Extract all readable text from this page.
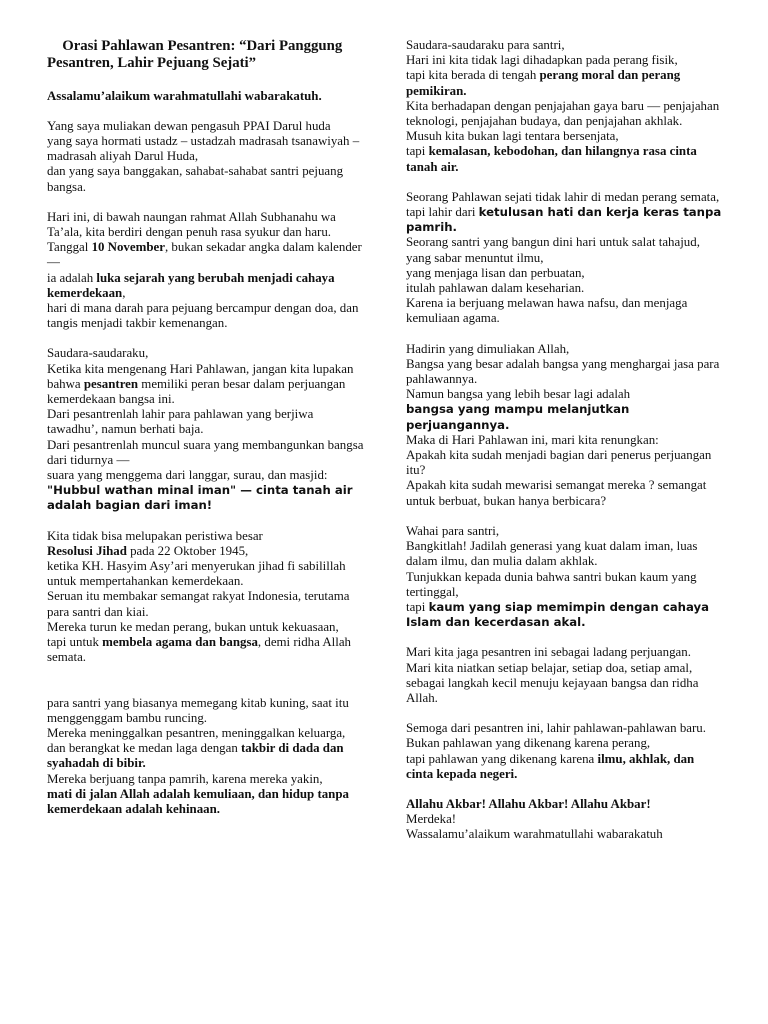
  Orasi Pahlawan Pesantren: “Dari Panggung Pesantren, Lahir Pejuang Sejati”

Assalamu’alaikum warahmatullahi wabarakatuh.

Yang saya muliakan dewan pengasuh PPAI Darul huda
yang saya hormati ustadz – ustadzah madrasah tsanawiyah – madrasah aliyah Darul Huda,
dan yang saya banggakan, sahabat-sahabat santri pejuang bangsa.

Hari ini, di bawah naungan rahmat Allah Subhanahu wa Ta’ala, kita berdiri dengan penuh rasa syukur dan haru.
Tanggal 10 November, bukan sekadar angka dalam kalender —
ia adalah luka sejarah yang berubah menjadi cahaya kemerdekaan,
hari di mana darah para pejuang bercampur dengan doa, dan tangis menjadi takbir kemenangan.

Saudara-saudaraku,
Ketika kita mengenang Hari Pahlawan, jangan kita lupakan bahwa pesantren memiliki peran besar dalam perjuangan kemerdekaan bangsa ini.
Dari pesantrenlah lahir para pahlawan yang berjiwa tawadhu’, namun berhati baja.
Dari pesantrenlah muncul suara yang membangunkan bangsa dari tidurnya —
suara yang menggema dari langgar, surau, dan masjid:
"Hubbul wathan minal iman" — cinta tanah air adalah bagian dari iman!

Kita tidak bisa melupakan peristiwa besar
Resolusi Jihad pada 22 Oktober 1945,
ketika KH. Hasyim Asy’ari menyerukan jihad fi sabilillah untuk mempertahankan kemerdekaan.
Seruan itu membakar semangat rakyat Indonesia, terutama para santri dan kiai.
Mereka turun ke medan perang, bukan untuk kekuasaan,
tapi untuk membela agama dan bangsa, demi ridha Allah semata.

para santri yang biasanya memegang kitab kuning, saat itu menggenggam bambu runcing.
Mereka meninggalkan pesantren, meninggalkan keluarga,
dan berangkat ke medan laga dengan takbir di dada dan syahadah di bibir.
Mereka berjuang tanpa pamrih, karena mereka yakin,
mati di jalan Allah adalah kemuliaan, dan hidup tanpa kemerdekaan adalah kehinaan.

Saudara-saudaraku para santri,
Hari ini kita tidak lagi dihadapkan pada perang fisik,
tapi kita berada di tengah perang moral dan perang pemikiran.
Kita berhadapan dengan penjajahan gaya baru — penjajahan teknologi, penjajahan budaya, dan penjajahan akhlak.
Musuh kita bukan lagi tentara bersenjata,
tapi kemalasan, kebodohan, dan hilangnya rasa cinta tanah air.

Seorang Pahlawan sejati tidak lahir di medan perang semata,
tapi lahir dari ketulusan hati dan kerja keras tanpa pamrih.
Seorang santri yang bangun dini hari untuk salat tahajud,
yang sabar menuntut ilmu,
yang menjaga lisan dan perbuatan,
itulah pahlawan dalam keseharian.
Karena ia berjuang melawan hawa nafsu, dan menjaga kemuliaan agama.

Hadirin yang dimuliakan Allah,
Bangsa yang besar adalah bangsa yang menghargai jasa para pahlawannya.
Namun bangsa yang lebih besar lagi adalah
bangsa yang mampu melanjutkan perjuangannya.
Maka di Hari Pahlawan ini, mari kita renungkan:
Apakah kita sudah menjadi bagian dari penerus perjuangan itu?
Apakah kita sudah mewarisi semangat mereka ? semangat untuk berbuat, bukan hanya berbicara?

Wahai para santri,
Bangkitlah! Jadilah generasi yang kuat dalam iman, luas dalam ilmu, dan mulia dalam akhlak.
Tunjukkan kepada dunia bahwa santri bukan kaum yang tertinggal,
tapi kaum yang siap memimpin dengan cahaya Islam dan kecerdasan akal.

Mari kita jaga pesantren ini sebagai ladang perjuangan.
Mari kita niatkan setiap belajar, setiap doa, setiap amal,
sebagai langkah kecil menuju kejayaan bangsa dan ridha Allah.

Semoga dari pesantren ini, lahir pahlawan-pahlawan baru.
Bukan pahlawan yang dikenang karena perang,
tapi pahlawan yang dikenang karena ilmu, akhlak, dan cinta kepada negeri.

Allahu Akbar! Allahu Akbar! Allahu Akbar!
Merdeka!
Wassalamu’alaikum warahmatullahi wabarakatuh
